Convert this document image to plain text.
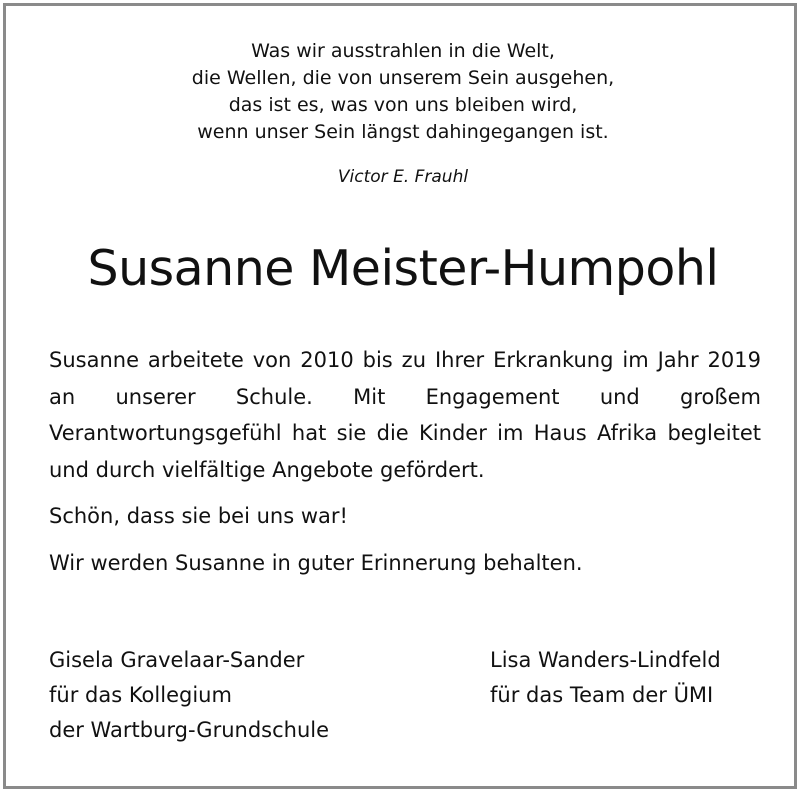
Was wir ausstrahlen in die Welt,
die Wellen, die von unserem Sein ausgehen,
das ist es, was von uns bleiben wird,
wenn unser Sein längst dahingegangen ist.
Victor E. Frauhl
Susanne Meister-Humpohl

Susanne arbeitete von 2010 bis zu Ihrer Erkrankung im Jahr 2019 an unserer Schule. Mit Engagement und großem Verantwortungsgefühl hat sie die Kinder im Haus Afrika begleitet und durch vielfältige Angebote gefördert.

Schön, dass sie bei uns war!

Wir werden Susanne in guter Erinnerung behalten.

Gisela Gravelaar-Sander
für das Kollegium
der Wartburg-Grundschule
Lisa Wanders-Lindfeld
für das Team der ÜMI
